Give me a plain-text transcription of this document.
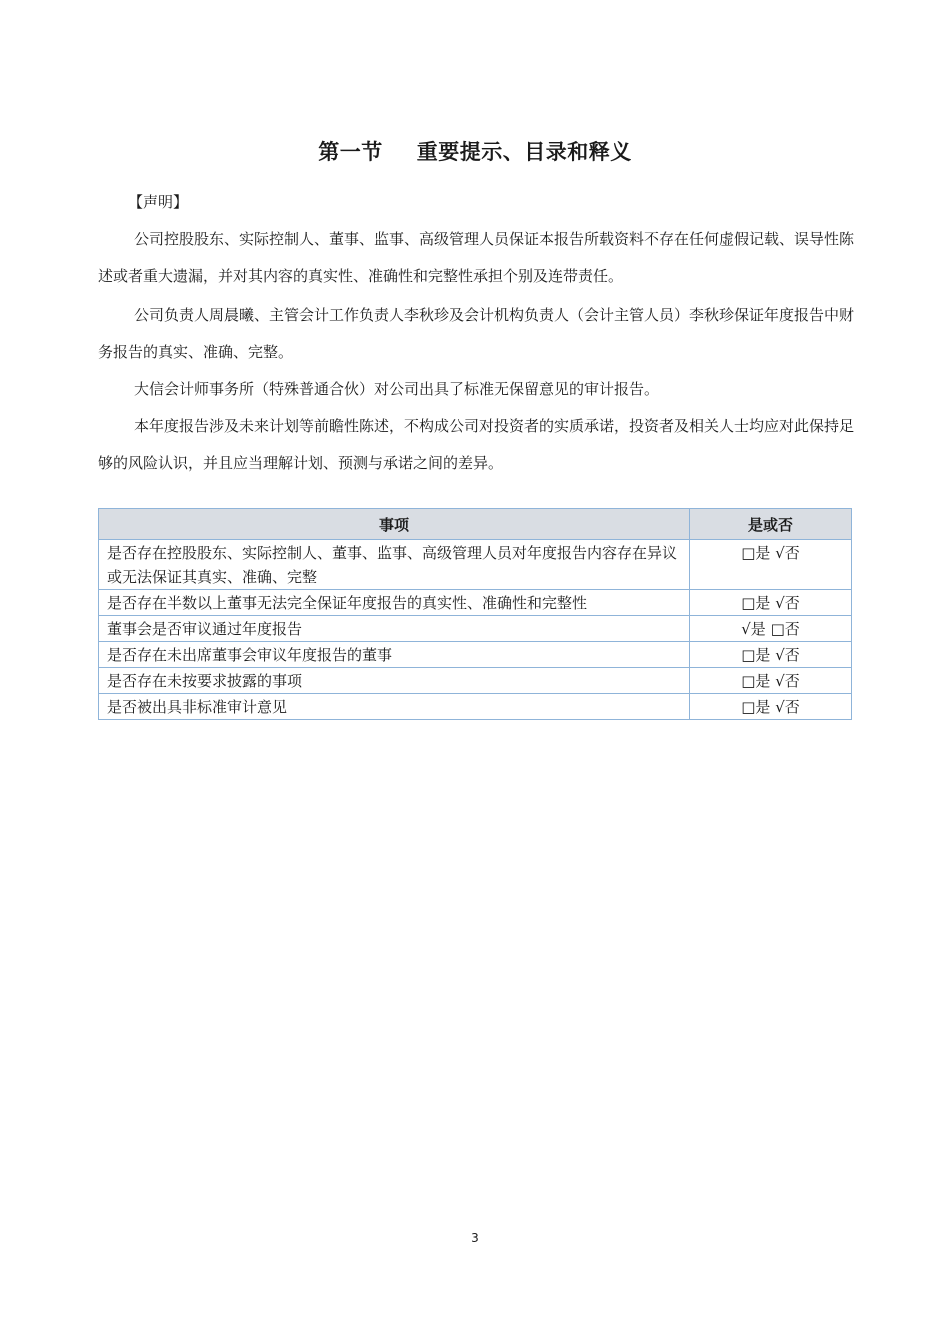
第一节 重要提示、目录和释义
【声明】

公司控股股东、实际控制人、董事、监事、高级管理人员保证本报告所载资料不存在任何虚假记载、误导性陈述或者重大遗漏，并对其内容的真实性、准确性和完整性承担个别及连带责任。

公司负责人周晨曦、主管会计工作负责人李秋珍及会计机构负责人（会计主管人员）李秋珍保证年度报告中财务报告的真实、准确、完整。

大信会计师事务所（特殊普通合伙）对公司出具了标准无保留意见的审计报告。

本年度报告涉及未来计划等前瞻性陈述，不构成公司对投资者的实质承诺，投资者及相关人士均应对此保持足够的风险认识，并且应当理解计划、预测与承诺之间的差异。

事项	是或否
是否存在控股股东、实际控制人、董事、监事、高级管理人员对年度报告内容存在异议或无法保证其真实、准确、完整	□是 √否
是否存在半数以上董事无法完全保证年度报告的真实性、准确性和完整性	□是 √否
董事会是否审议通过年度报告	√是 □否
是否存在未出席董事会审议年度报告的董事	□是 √否
是否存在未按要求披露的事项	□是 √否
是否被出具非标准审计意见	□是 √否
3
